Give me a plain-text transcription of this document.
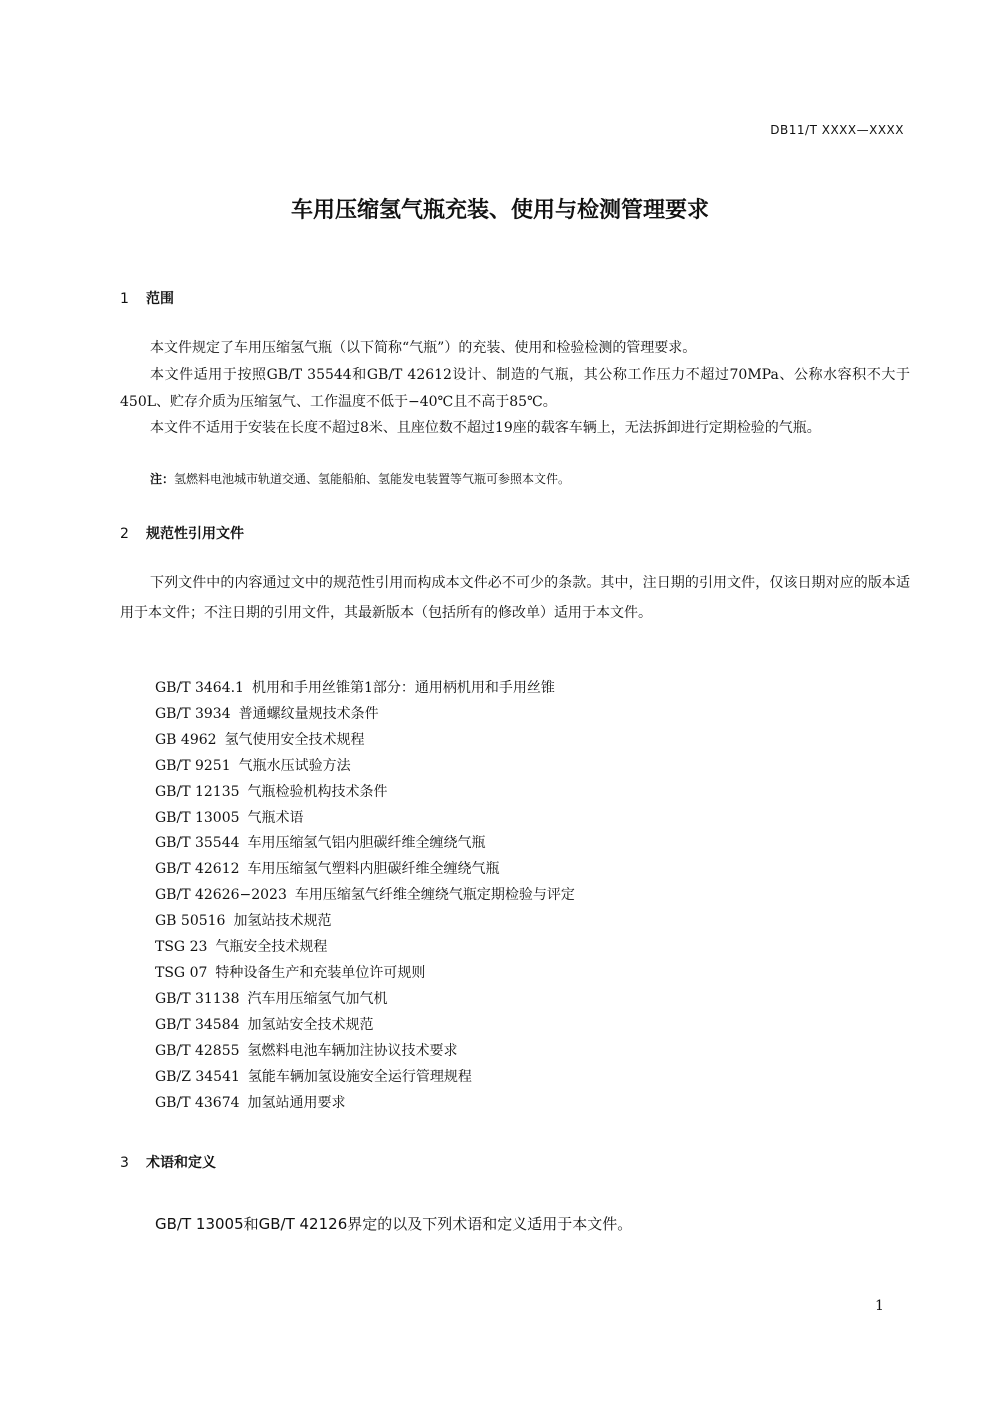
DB11/T XXXX—XXXX
车用压缩氢气瓶充装、使用与检测管理要求
1 范围

本文件规定了车用压缩氢气瓶（以下简称“气瓶”）的充装、使用和检验检测的管理要求。

本文件适用于按照GB/T 35544和GB/T 42612设计、制造的气瓶，其公称工作压力不超过70MPa、公称水容积不大于450L、贮存介质为压缩氢气、工作温度不低于−40℃且不高于85℃。

本文件不适用于安装在长度不超过8米、且座位数不超过19座的载客车辆上，无法拆卸进行定期检验的气瓶。

注：氢燃料电池城市轨道交通、氢能船舶、氢能发电装置等气瓶可参照本文件。
2 规范性引用文件

下列文件中的内容通过文中的规范性引用而构成本文件必不可少的条款。其中，注日期的引用文件，仅该日期对应的版本适用于本文件；不注日期的引用文件，其最新版本（包括所有的修改单）适用于本文件。

GB/T 3464.1 机用和手用丝锥第1部分：通用柄机用和手用丝锥
GB/T 3934 普通螺纹量规技术条件
GB 4962 氢气使用安全技术规程
GB/T 9251 气瓶水压试验方法
GB/T 12135 气瓶检验机构技术条件
GB/T 13005 气瓶术语
GB/T 35544 车用压缩氢气铝内胆碳纤维全缠绕气瓶
GB/T 42612 车用压缩氢气塑料内胆碳纤维全缠绕气瓶
GB/T 42626−2023 车用压缩氢气纤维全缠绕气瓶定期检验与评定
GB 50516 加氢站技术规范
TSG 23 气瓶安全技术规程
TSG 07 特种设备生产和充装单位许可规则
GB/T 31138 汽车用压缩氢气加气机
GB/T 34584 加氢站安全技术规范
GB/T 42855 氢燃料电池车辆加注协议技术要求
GB/Z 34541 氢能车辆加氢设施安全运行管理规程
GB/T 43674 加氢站通用要求
3 术语和定义
GB/T 13005和GB/T 42126界定的以及下列术语和定义适用于本文件。
1
